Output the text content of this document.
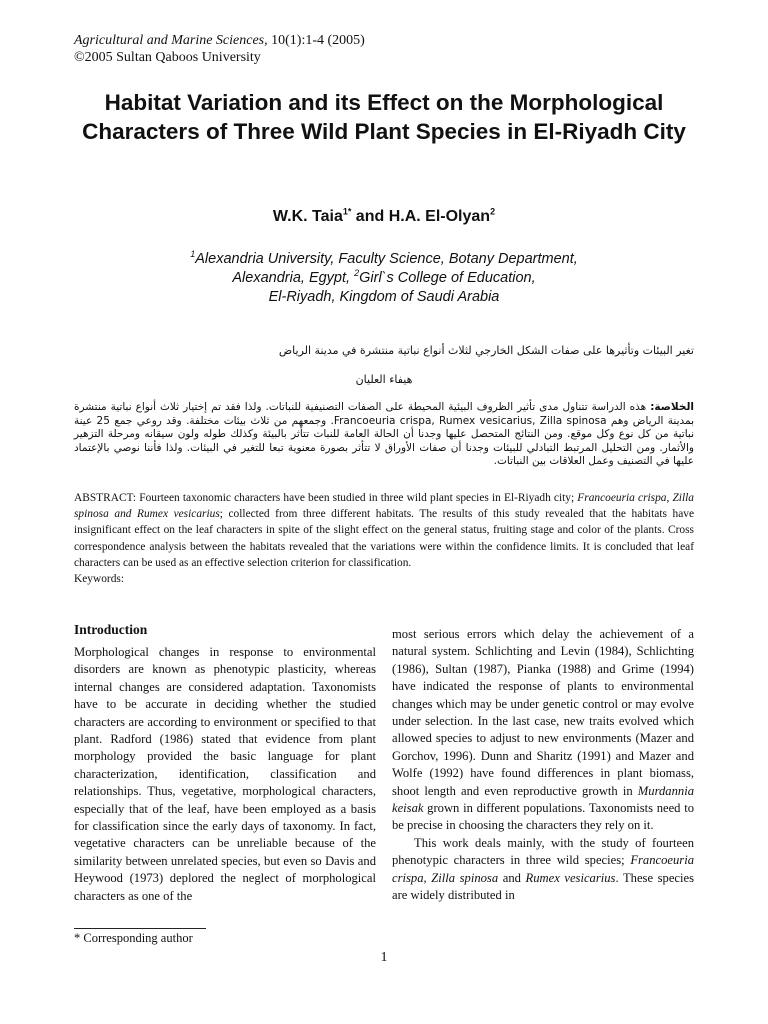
Agricultural and Marine Sciences, 10(1):1-4 (2005)
©2005 Sultan Qaboos University
Habitat Variation and its Effect on the Morphological Characters of Three Wild Plant Species in El-Riyadh City
W.K. Taia$^{1*}$ and H.A. El-Olyan$^2$
$^1$Alexandria University, Faculty Science, Botany Department,
Alexandria, Egypt, $^2$Girl`s College of Education,
El-Riyadh, Kingdom of Saudi Arabia
تغير البيئات وتأثيرها على صفات الشكل الخارجي لثلاث أنواع نباتية منتشرة في مدينة الرياض
هيفاء العليان
الخلاصة: هذه الدراسة تتناول مدى تأثير الظروف البيئية المحيطة على الصفات التصنيفية للنباتات. ولذا فقد تم إختيار ثلاث أنواع نباتية منتشرة بمدينة الرياض وهم Francoeuria crispa, Rumex vesicarius, Zilla spinosa. وجمعهم من ثلاث بيئات مختلفة. وقد روعي جمع 25 عينة نباتية من كل نوع وكل موقع. ومن النتائج المتحصل عليها وجدنا أن الحالة العامة للنبات تتأثر بالبيئة وكذلك طوله ولون سيقانه ومرحلة التزهير والأثمار. ومن التحليل المرتبط التبادلي للبيئات وجدنا أن صفات الأوراق لا تتأثر بصورة معنوية تبعا للتغير في البيئات. ولذا فأننا نوصي بالإعتماد عليها في التصنيف وعمل العلاقات بين النباتات.
ABSTRACT: Fourteen taxonomic characters have been studied in three wild plant species in El-Riyadh city; Francoeuria crispa, Zilla spinosa and Rumex vesicarius; collected from three different habitats. The results of this study revealed that the habitats have insignificant effect on the leaf characters in spite of the slight effect on the general status, fruiting stage and color of the plants. Cross correspondence analysis between the habitats revealed that the variations were within the confidence limits. It is concluded that leaf characters can be used as an effective selection criterion for classification.
Keywords:
Introduction

Morphological changes in response to environmental disorders are known as phenotypic plasticity, whereas internal changes are considered adaptation. Taxonomists have to be accurate in deciding whether the studied characters are according to environment or specified to that plant. Radford (1986) stated that evidence from plant morphology provided the basic language for plant characterization, identification, classification and relationships. Thus, vegetative, morphological characters, especially that of the leaf, have been employed as a basis for classification since the early days of taxonomy. In fact, vegetative characters can be unreliable because of the similarity between unrelated species, but even so Davis and Heywood (1973) deplored the neglect of morphological characters as one of the

most serious errors which delay the achievement of a natural system. Schlichting and Levin (1984), Schlichting (1986), Sultan (1987), Pianka (1988) and Grime (1994) have indicated the response of plants to environmental changes which may be under genetic control or may evolve under selection. In the last case, new traits evolved which allowed species to adjust to new environments (Mazer and Gorchov, 1996). Dunn and Sharitz (1991) and Mazer and Wolfe (1992) have found differences in plant biomass, shoot length and even reproductive growth in Murdannia keisak grown in different populations. Taxonomists need to be precise in choosing the characters they rely on it.

This work deals mainly, with the study of fourteen phenotypic characters in three wild species; Francoeuria crispa, Zilla spinosa and Rumex vesicarius. These species are widely distributed in

* Corresponding author
1
